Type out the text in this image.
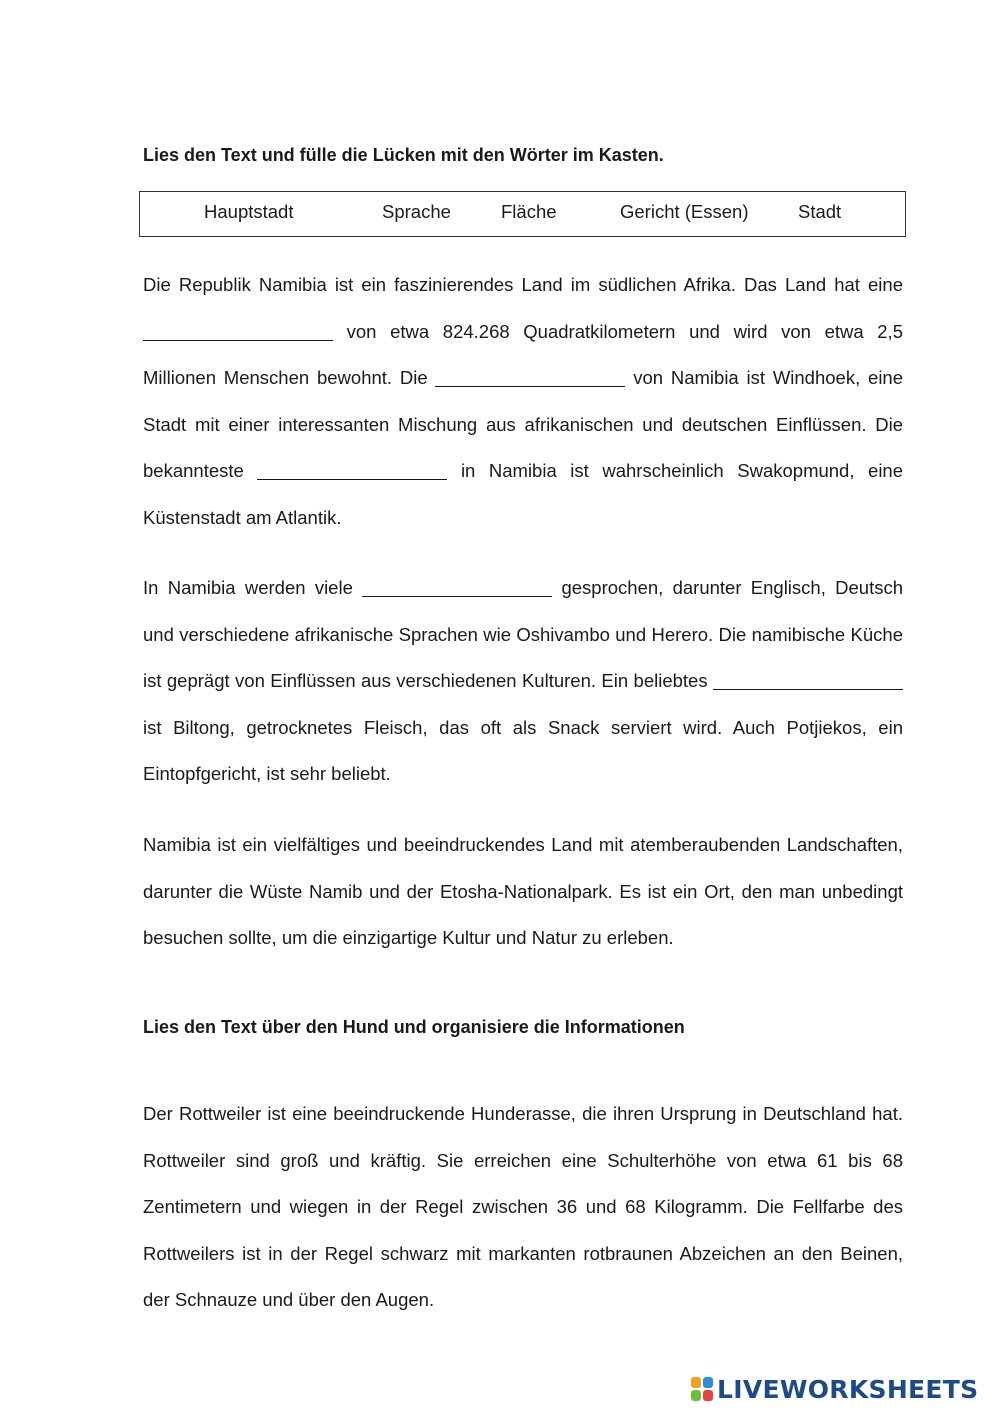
Lies den Text und fülle die Lücken mit den Wörter im Kasten.
Hauptstadt	Sprache	Fläche	Gericht (Essen)	Stadt

Die Republik Namibia ist ein faszinierendes Land im südlichen Afrika. Das Land hat eine  von etwa 824.268 Quadratkilometern und wird von etwa 2,5 Millionen Menschen bewohnt. Die	von Namibia ist Windhoek, eine Stadt mit einer interessanten Mischung aus afrikanischen und deutschen Einflüssen. Die bekannteste	in Namibia ist wahrscheinlich Swakopmund, eine Küstenstadt am Atlantik.

In Namibia werden viele	gesprochen, darunter Englisch, Deutsch und verschiedene afrikanische Sprachen wie Oshivambo und Herero. Die namibische Küche ist geprägt von Einflüssen aus verschiedenen Kulturen. Ein beliebtes  ist Biltong, getrocknetes Fleisch, das oft als Snack serviert wird. Auch Potjiekos, ein Eintopfgericht, ist sehr beliebt.

Namibia ist ein vielfältiges und beeindruckendes Land mit atemberaubenden Landschaften, darunter die Wüste Namib und der Etosha-Nationalpark. Es ist ein Ort, den man unbedingt besuchen sollte, um die einzigartige Kultur und Natur zu erleben.

Lies den Text über den Hund und organisiere die Informationen

Der Rottweiler ist eine beeindruckende Hunderasse, die ihren Ursprung in Deutschland hat. Rottweiler sind groß und kräftig. Sie erreichen eine Schulterhöhe von etwa 61 bis 68 Zentimetern und wiegen in der Regel zwischen 36 und 68 Kilogramm. Die Fellfarbe des Rottweilers ist in der Regel schwarz mit markanten rotbraunen Abzeichen an den Beinen, der Schnauze und über den Augen.

LIVEWORKSHEETS
